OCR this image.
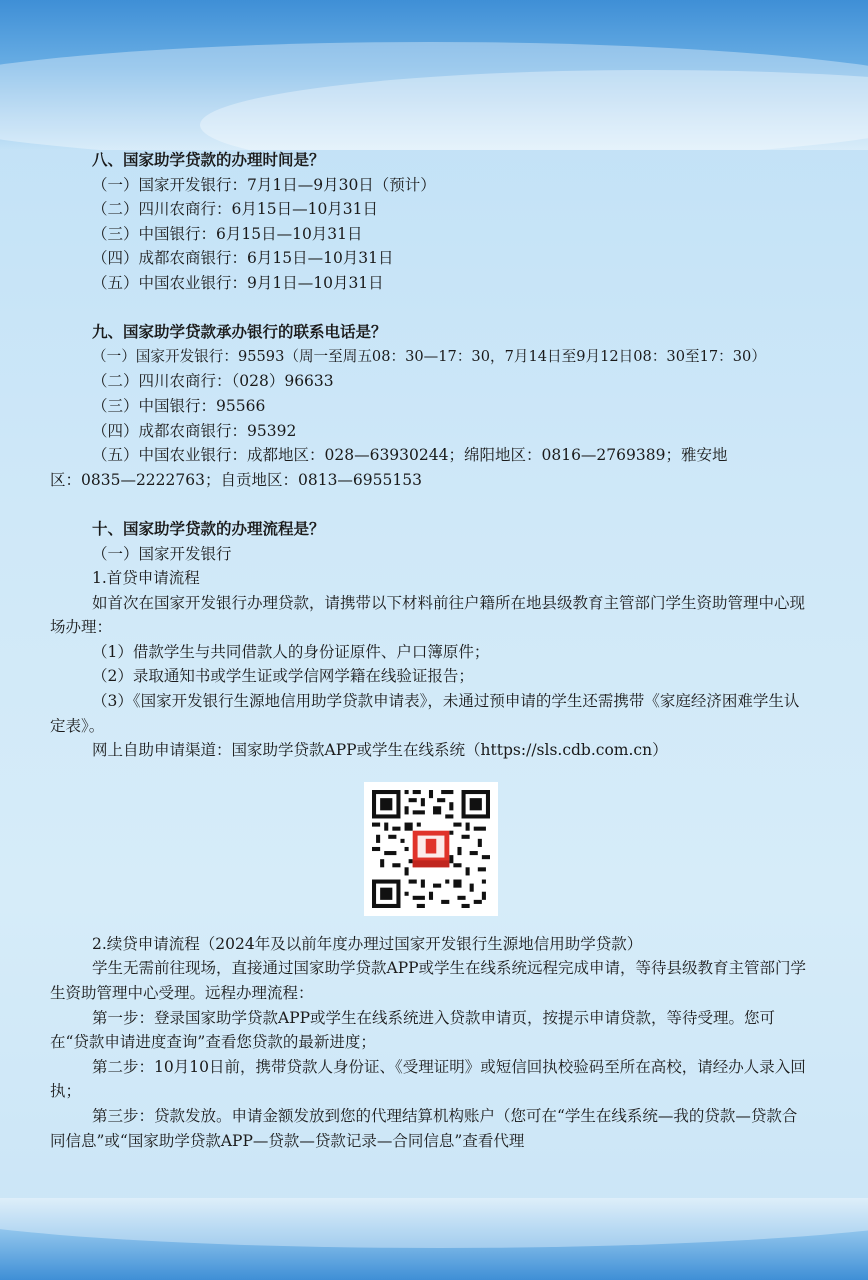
八、国家助学贷款的办理时间是？

（一）国家开发银行：7月1日—9月30日（预计）

（二）四川农商行：6月15日—10月31日

（三）中国银行：6月15日—10月31日

（四）成都农商银行：6月15日—10月31日

（五）中国农业银行：9月1日—10月31日

九、国家助学贷款承办银行的联系电话是？

（一）国家开发银行：95593（周一至周五08：30—17：30，7月14日至9月12日08：30至17：30）

（二）四川农商行：（028）96633

（三）中国银行：95566

（四）成都农商银行：95392

（五）中国农业银行：成都地区：028—63930244；绵阳地区：0816—2769389；雅安地

区：0835—2222763；自贡地区：0813—6955153

十、国家助学贷款的办理流程是？

（一）国家开发银行

1.首贷申请流程

如首次在国家开发银行办理贷款，请携带以下材料前往户籍所在地县级教育主管部门学生资助管理中心现场办理：

（1）借款学生与共同借款人的身份证原件、户口簿原件；

（2）录取通知书或学生证或学信网学籍在线验证报告；

（3）《国家开发银行生源地信用助学贷款申请表》，未通过预申请的学生还需携带《家庭经济困难学生认定表》。

网上自助申请渠道：国家助学贷款APP或学生在线系统（https://sls.cdb.com.cn）

2.续贷申请流程（2024年及以前年度办理过国家开发银行生源地信用助学贷款）

学生无需前往现场，直接通过国家助学贷款APP或学生在线系统远程完成申请，等待县级教育主管部门学生资助管理中心受理。远程办理流程：

第一步：登录国家助学贷款APP或学生在线系统进入贷款申请页，按提示申请贷款，等待受理。您可在“贷款申请进度查询”查看您贷款的最新进度；

第二步：10月10日前，携带贷款人身份证、《受理证明》或短信回执校验码至所在高校，请经办人录入回执；

第三步：贷款发放。申请金额发放到您的代理结算机构账户（您可在“学生在线系统—我的贷款—贷款合同信息”或“国家助学贷款APP—贷款—贷款记录—合同信息”查看代理
